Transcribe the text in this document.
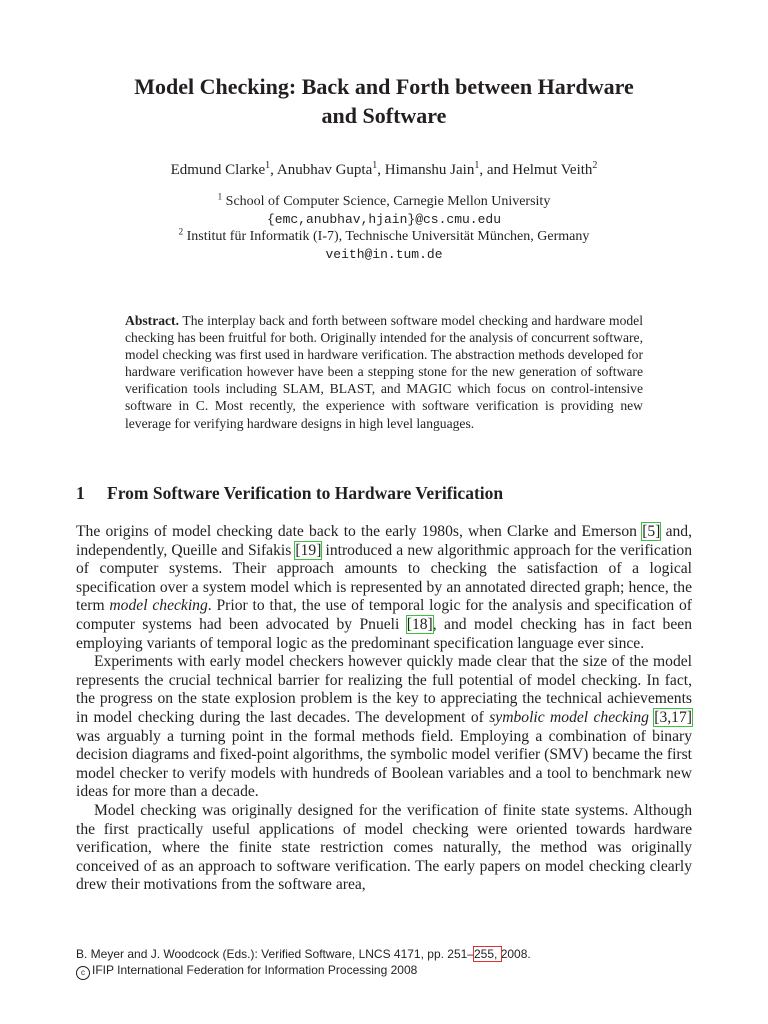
Model Checking: Back and Forth between Hardware
and Software
Edmund Clarke$^1$, Anubhav Gupta$^1$, Himanshu Jain$^1$, and Helmut Veith$^2$
$^1$ School of Computer Science, Carnegie Mellon University
{emc,anubhav,hjain}@cs.cmu.edu
$^2$ Institut für Informatik (I-7), Technische Universität München, Germany
veith@in.tum.de
Abstract. The interplay back and forth between software model checking and hardware model checking has been fruitful for both. Originally intended for the analysis of concurrent software, model checking was first used in hardware verification. The abstraction methods developed for hardware verification however have been a stepping stone for the new generation of software verification tools including SLAM, BLAST, and MAGIC which focus on control-intensive software in C. Most recently, the experience with software verification is providing new leverage for verifying hardware designs in high level languages.
1 From Software Verification to Hardware Verification

The origins of model checking date back to the early 1980s, when Clarke and Emerson [5] and, independently, Queille and Sifakis [19] introduced a new algorithmic approach for the verification of computer systems. Their approach amounts to checking the satisfaction of a logical specification over a system model which is represented by an annotated directed graph; hence, the term model checking. Prior to that, the use of temporal logic for the analysis and specification of computer systems had been advocated by Pnueli [18], and model checking has in fact been employing variants of temporal logic as the predominant specification language ever since.

Experiments with early model checkers however quickly made clear that the size of the model represents the crucial technical barrier for realizing the full potential of model checking. In fact, the progress on the state explosion problem is the key to appreciating the technical achievements in model checking during the last decades. The development of symbolic model checking [3,17] was arguably a turning point in the formal methods field. Employing a combination of binary decision diagrams and fixed-point algorithms, the symbolic model verifier (SMV) became the first model checker to verify models with hundreds of Boolean variables and a tool to benchmark new ideas for more than a decade.

Model checking was originally designed for the verification of finite state systems. Although the first practically useful applications of model checking were oriented towards hardware verification, where the finite state restriction comes naturally, the method was originally conceived of as an approach to software verification. The early papers on model checking clearly drew their motivations from the software area,

B. Meyer and J. Woodcock (Eds.): Verified Software, LNCS 4171, pp. 251–255, 2008.
c IFIP International Federation for Information Processing 2008
